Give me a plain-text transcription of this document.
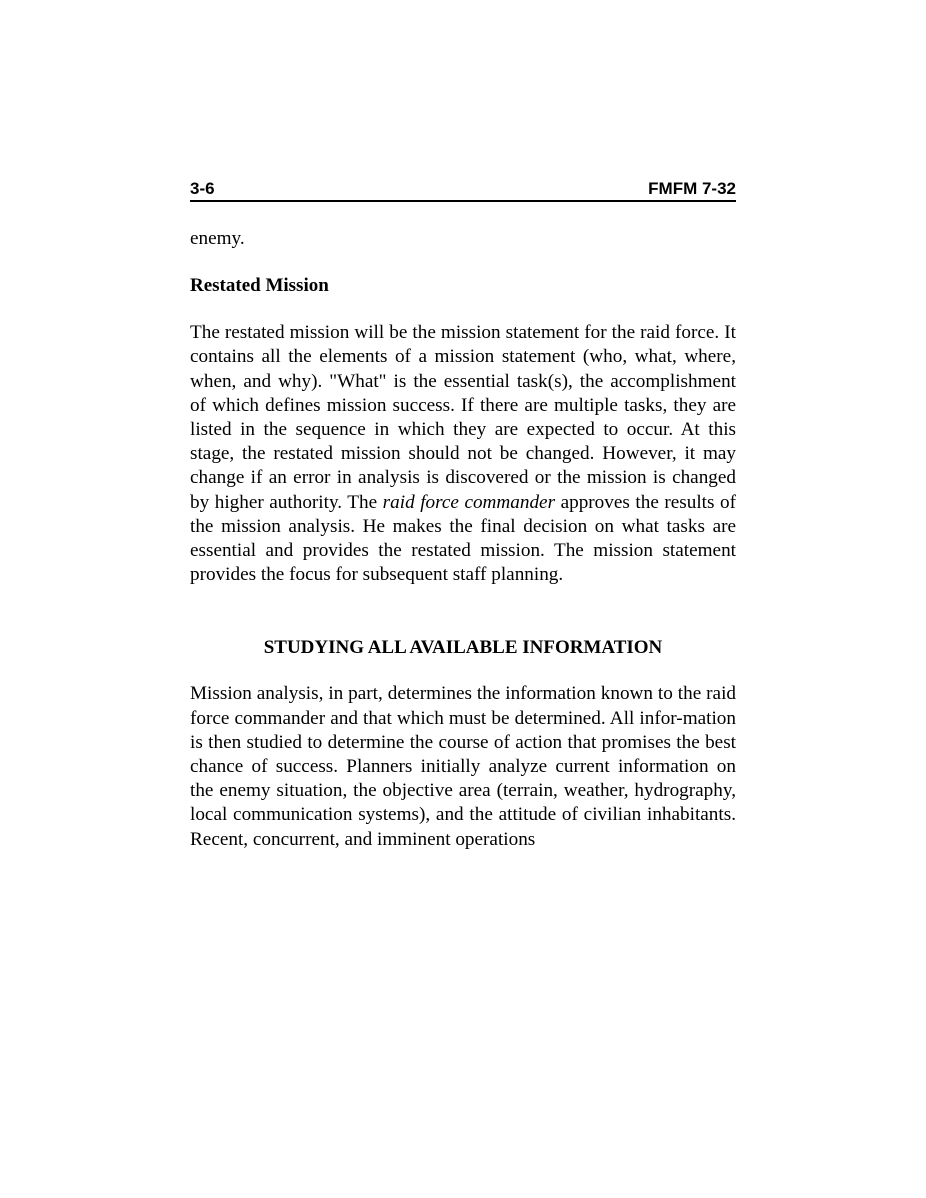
3-6	FMFM 7-32

enemy.

Restated Mission

The restated mission will be the mission statement for the raid force. It contains all the elements of a mission statement (who, what, where, when, and why). "What" is the essential task(s), the accomplishment of which defines mission success. If there are multiple tasks, they are listed in the sequence in which they are expected to occur. At this stage, the restated mission should not be changed. However, it may change if an error in analysis is discovered or the mission is changed by higher authority. The raid force commander approves the results of the mission analysis. He makes the final decision on what tasks are essential and provides the restated mission. The mission statement provides the focus for subsequent staff planning.

STUDYING ALL AVAILABLE INFORMATION

Mission analysis, in part, determines the information known to the raid force commander and that which must be determined. All infor-mation is then studied to determine the course of action that promises the best chance of success. Planners initially analyze current information on the enemy situation, the objective area (terrain, weather, hydrography, local communication systems), and the attitude of civilian inhabitants. Recent, concurrent, and imminent operations
